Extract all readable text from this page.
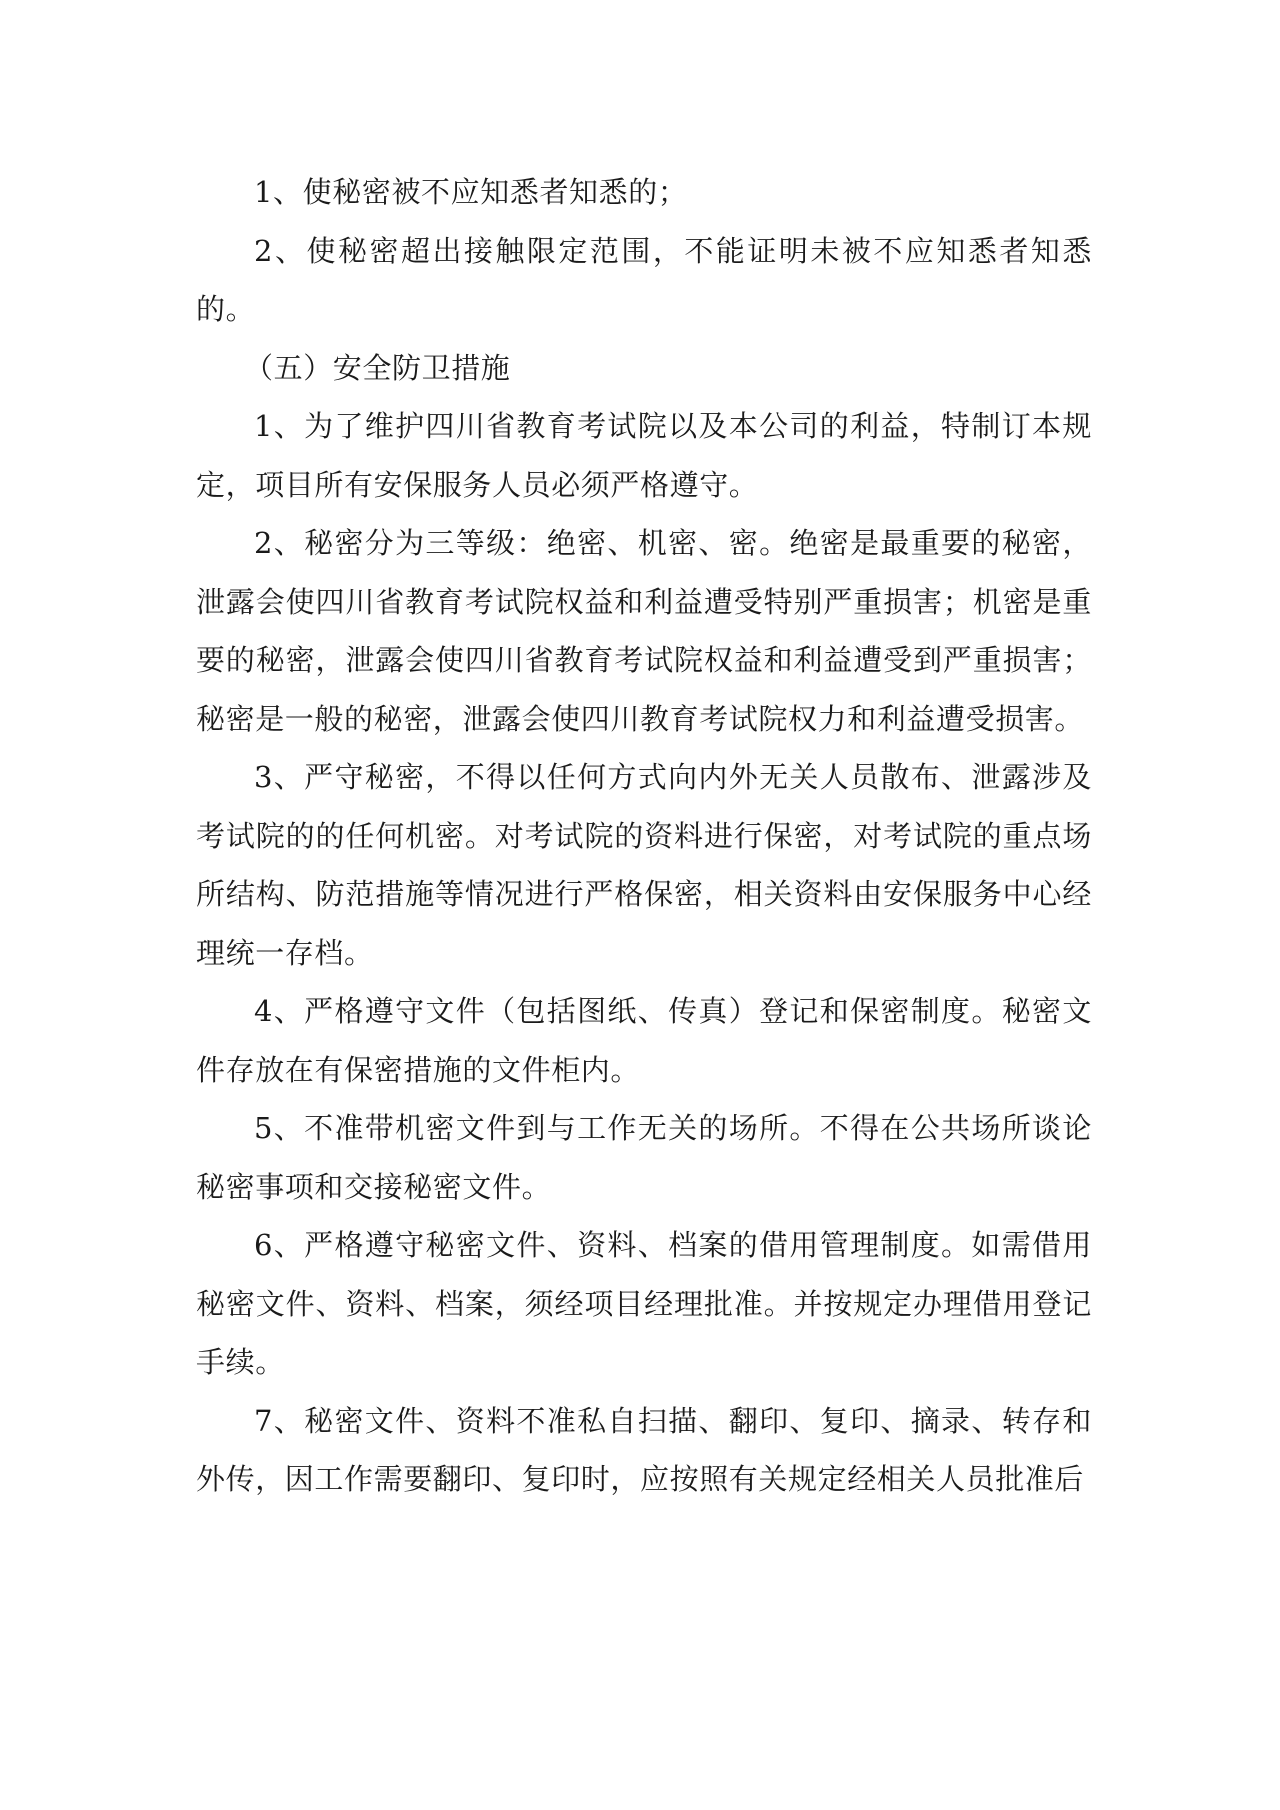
1、使秘密被不应知悉者知悉的；

2、使秘密超出接触限定范围，不能证明未被不应知悉者知悉的。

（五）安全防卫措施

1、为了维护四川省教育考试院以及本公司的利益，特制订本规定，项目所有安保服务人员必须严格遵守。

2、秘密分为三等级：绝密、机密、密。绝密是最重要的秘密，泄露会使四川省教育考试院权益和利益遭受特别严重损害；机密是重要的秘密，泄露会使四川省教育考试院权益和利益遭受到严重损害；秘密是一般的秘密，泄露会使四川教育考试院权力和利益遭受损害。

3、严守秘密，不得以任何方式向内外无关人员散布、泄露涉及考试院的的任何机密。对考试院的资料进行保密，对考试院的重点场所结构、防范措施等情况进行严格保密，相关资料由安保服务中心经理统一存档。

4、严格遵守文件（包括图纸、传真）登记和保密制度。秘密文件存放在有保密措施的文件柜内。

5、不准带机密文件到与工作无关的场所。不得在公共场所谈论秘密事项和交接秘密文件。

6、严格遵守秘密文件、资料、档案的借用管理制度。如需借用秘密文件、资料、档案，须经项目经理批准。并按规定办理借用登记手续。

7、秘密文件、资料不准私自扫描、翻印、复印、摘录、转存和外传，因工作需要翻印、复印时，应按照有关规定经相关人员批准后
